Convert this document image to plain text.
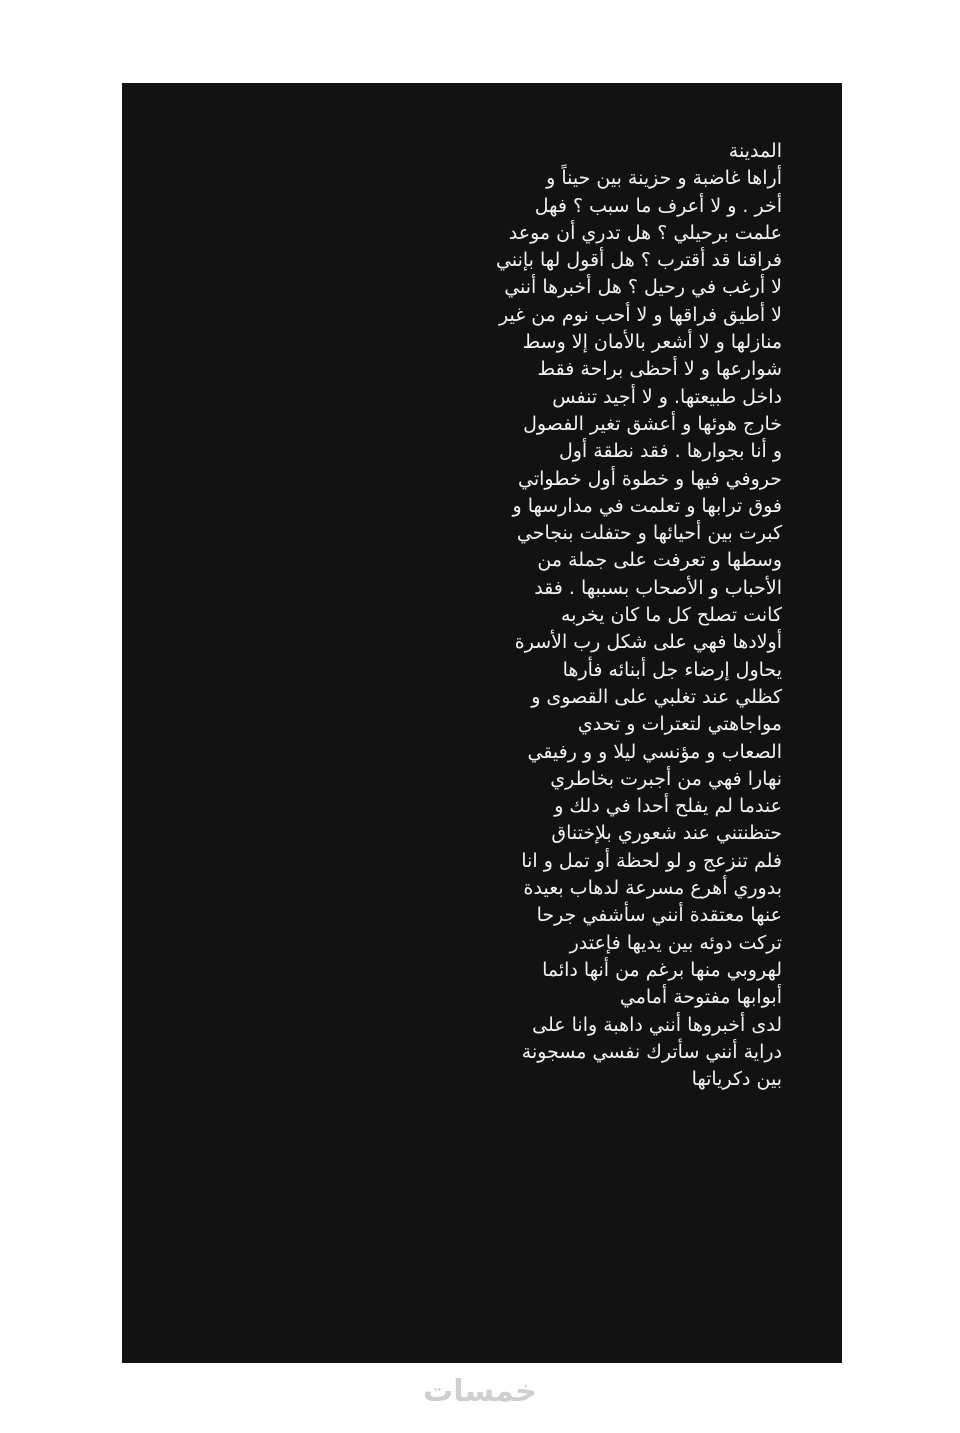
المدينة
أراها غاضبة و حزينة بين حيناً و
أخر . و لا أعرف ما سبب ؟ فهل
علمت برحيلي ؟ هل تدري أن موعد
فراقنا قد أقترب ؟ هل أقول لها بإنني
لا أرغب في رحيل ؟ هل أخبرها أنني
لا أطيق فراقها و لا أحب نوم من غير
منازلها و لا أشعر بالأمان إلا وسط
شوارعها و لا أحظى براحة فقط
داخل طبيعتها. و لا أجيد تنفس
خارج هوئها و أعشق تغير الفصول
و أنا بجوارها . فقد نطقة أول
حروفي فيها و خطوة أول خطواتي
فوق ترابها و تعلمت في مدارسها و
كبرت بين أحيائها و حتفلت بنجاحي
وسطها و تعرفت على جملة من
الأحباب و الأصحاب بسببها . فقد
كانت تصلح كل ما كان يخربه
أولادها فهي على شكل رب الأسرة
يحاول إرضاء جل أبنائه فأرها
كظلي عند تغلبي على القصوى و
مواجاهتي لتعترات و تحدي
الصعاب و مؤنسي ليلا و و رفيقي
نهارا فهي من أجبرت بخاطري
عندما لم يفلح أحدا في دلك و
حتظنتني عند شعوري بلإختناق
فلم تنزعج و لو لحظة أو تمل و انا
بدوري أهرع مسرعة لدهاب بعيدة
عنها معتقدة أنني سأشفي جرحا
تركت دوئه بين يديها فإعتدر
لهروبي منها برغم من أنها دائما
أبوابها مفتوحة أمامي
لدى أخبروها أنني داهبة وانا على
دراية أنني سأترك نفسي مسجونة
بين دكرياتها
خمسات
